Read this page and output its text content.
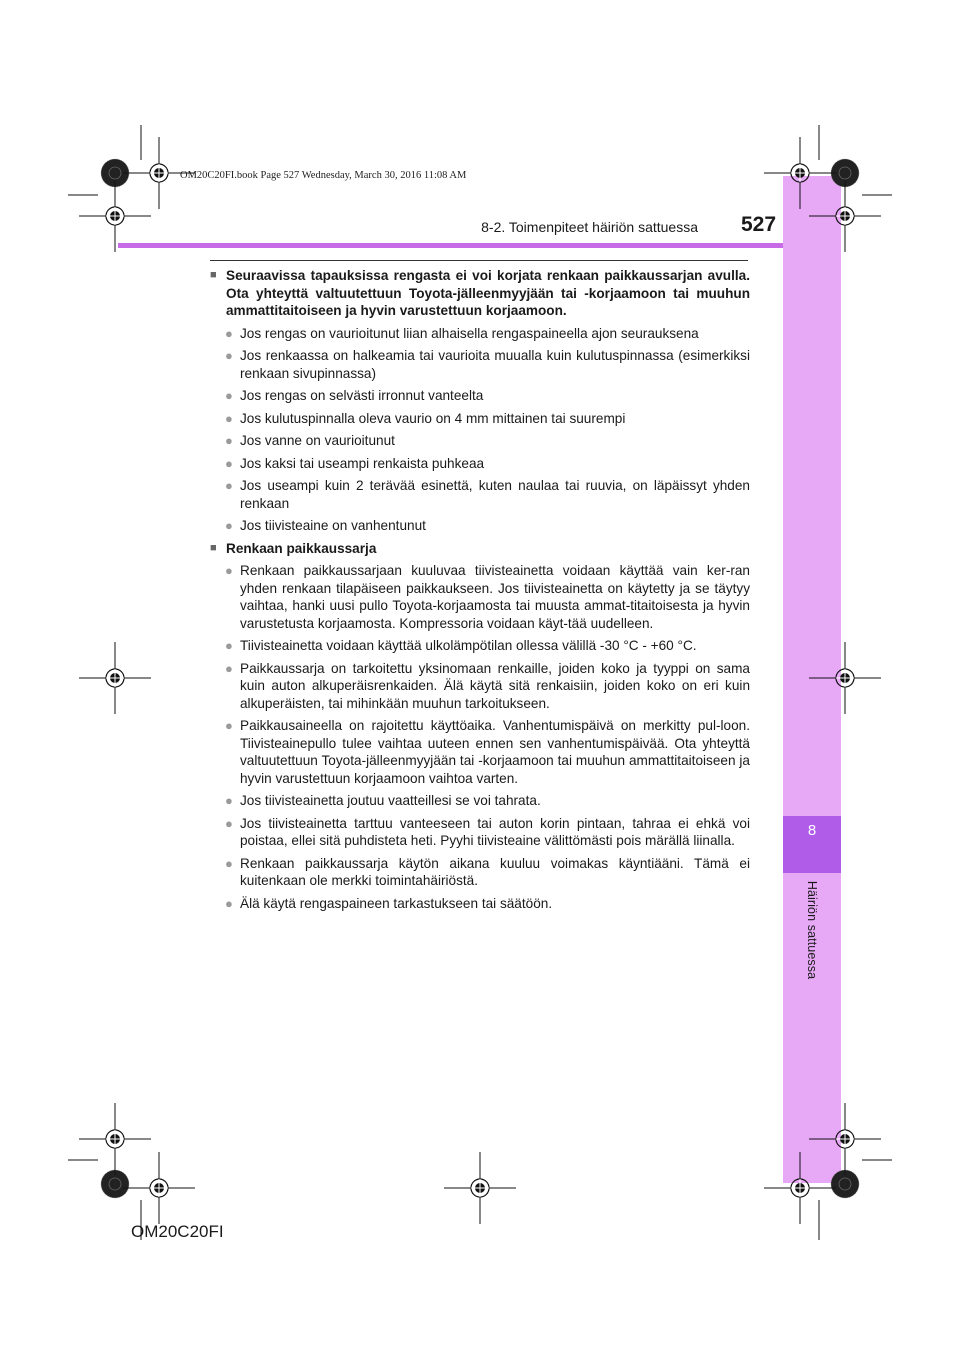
8
Häiriön sattuessa
OM20C20FI.book Page 527 Wednesday, March 30, 2016 11:08 AM
8-2. Toimenpiteet häiriön sattuessa 527
■ Seuraavissa tapauksissa rengasta ei voi korjata renkaan paikkaussarjan avulla. Ota yhteyttä valtuutettuun Toyota-jälleenmyyjään tai -korjaamoon tai muuhun ammattitaitoiseen ja hyvin varustettuun korjaamoon.
● Jos rengas on vaurioitunut liian alhaisella rengaspaineella ajon seurauksena
● Jos renkaassa on halkeamia tai vaurioita muualla kuin kulutuspinnassa (esimerkiksi renkaan sivupinnassa)
● Jos rengas on selvästi irronnut vanteelta
● Jos kulutuspinnalla oleva vaurio on 4 mm mittainen tai suurempi
● Jos vanne on vaurioitunut
● Jos kaksi tai useampi renkaista puhkeaa
● Jos useampi kuin 2 terävää esinettä, kuten naulaa tai ruuvia, on läpäissyt yhden renkaan
● Jos tiivisteaine on vanhentunut
■ Renkaan paikkaussarja
● Renkaan paikkaussarjaan kuuluvaa tiivisteainetta voidaan käyttää vain ker-ran yhden renkaan tilapäiseen paikkaukseen. Jos tiivisteainetta on käytetty ja se täytyy vaihtaa, hanki uusi pullo Toyota-korjaamosta tai muusta ammat-titaitoisesta ja hyvin varustetusta korjaamosta. Kompressoria voidaan käyt-tää uudelleen.
● Tiivisteainetta voidaan käyttää ulkolämpötilan ollessa välillä -30 °C - +60 °C.
● Paikkaussarja on tarkoitettu yksinomaan renkaille, joiden koko ja tyyppi on sama kuin auton alkuperäisrenkaiden. Älä käytä sitä renkaisiin, joiden koko on eri kuin alkuperäisten, tai mihinkään muuhun tarkoitukseen.
● Paikkausaineella on rajoitettu käyttöaika. Vanhentumispäivä on merkitty pul-loon. Tiivisteainepullo tulee vaihtaa uuteen ennen sen vanhentumispäivää. Ota yhteyttä valtuutettuun Toyota-jälleenmyyjään tai -korjaamoon tai muuhun ammattitaitoiseen ja hyvin varustettuun korjaamoon vaihtoa varten.
● Jos tiivisteainetta joutuu vaatteillesi se voi tahrata.
● Jos tiivisteainetta tarttuu vanteeseen tai auton korin pintaan, tahraa ei ehkä voi poistaa, ellei sitä puhdisteta heti. Pyyhi tiivisteaine välittömästi pois märällä liinalla.
● Renkaan paikkaussarja käytön aikana kuuluu voimakas käyntiääni. Tämä ei kuitenkaan ole merkki toimintahäiriöstä.
● Älä käytä rengaspaineen tarkastukseen tai säätöön.
OM20C20FI
